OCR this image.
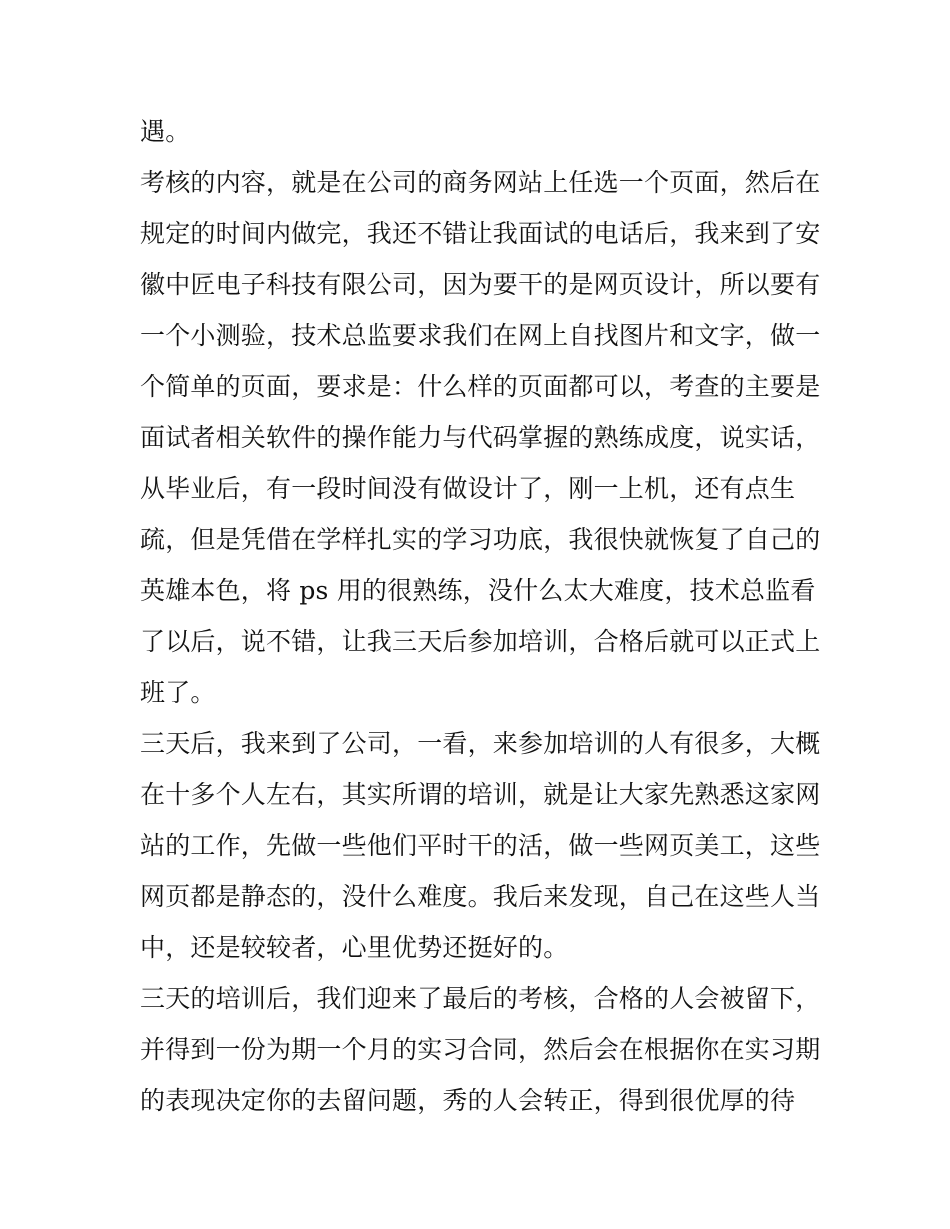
遇。
考核的内容，就是在公司的商务网站上任选一个页面，然后在
规定的时间内做完，我还不错让我面试的电话后，我来到了安
徽中匠电子科技有限公司，因为要干的是网页设计，所以要有
一个小测验，技术总监要求我们在网上自找图片和文字，做一
个简单的页面，要求是：什么样的页面都可以，考查的主要是
面试者相关软件的操作能力与代码掌握的熟练成度，说实话，
从毕业后，有一段时间没有做设计了，刚一上机，还有点生
疏，但是凭借在学样扎实的学习功底，我很快就恢复了自己的
英雄本色，将 ps 用的很熟练，没什么太大难度，技术总监看
了以后，说不错，让我三天后参加培训，合格后就可以正式上
班了。
三天后，我来到了公司，一看，来参加培训的人有很多，大概
在十多个人左右，其实所谓的培训，就是让大家先熟悉这家网
站的工作，先做一些他们平时干的活，做一些网页美工，这些
网页都是静态的，没什么难度。我后来发现，自己在这些人当
中，还是较较者，心里优势还挺好的。
三天的培训后，我们迎来了最后的考核，合格的人会被留下，
并得到一份为期一个月的实习合同，然后会在根据你在实习期
的表现决定你的去留问题，秀的人会转正，得到很优厚的待
